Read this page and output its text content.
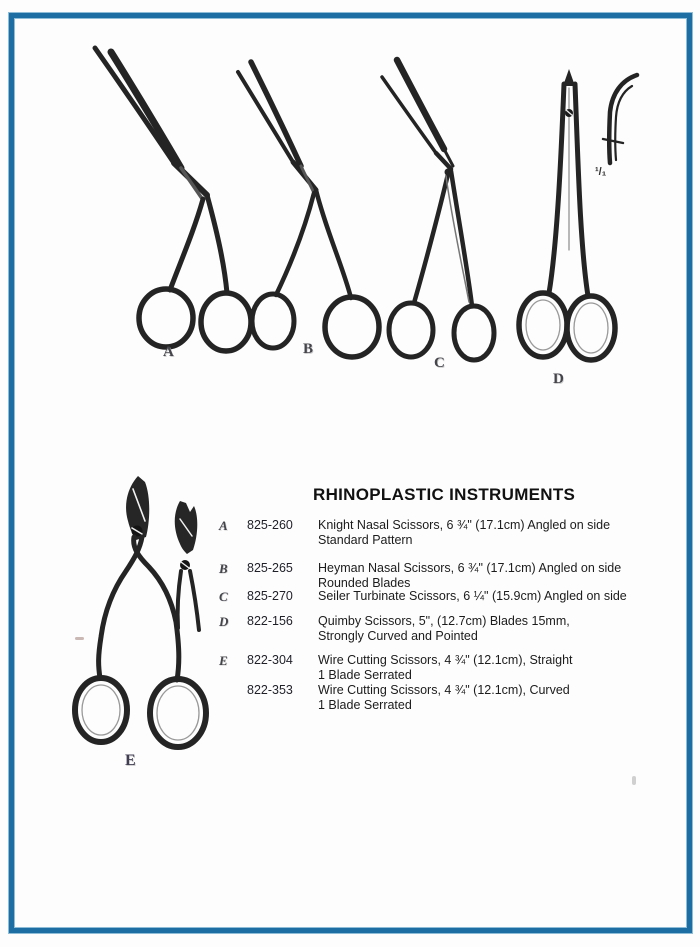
A	B
C
D
E
¹/₁
RHINOPLASTIC INSTRUMENTS
A	825-260	Knight Nasal Scissors, 6 ¾" (17.1cm) Angled on side
Standard Pattern
B	825-265	Heyman Nasal Scissors, 6 ¾" (17.1cm) Angled on side
Rounded Blades
C	825-270	Seiler Turbinate Scissors, 6 ¼" (15.9cm) Angled on side
D	822-156	Quimby Scissors, 5", (12.7cm) Blades 15mm,
Strongly Curved and Pointed
E	822-304	Wire Cutting Scissors, 4 ¾" (12.1cm), Straight
1 Blade Serrated
822-353	Wire Cutting Scissors, 4 ¾" (12.1cm), Curved
1 Blade Serrated
